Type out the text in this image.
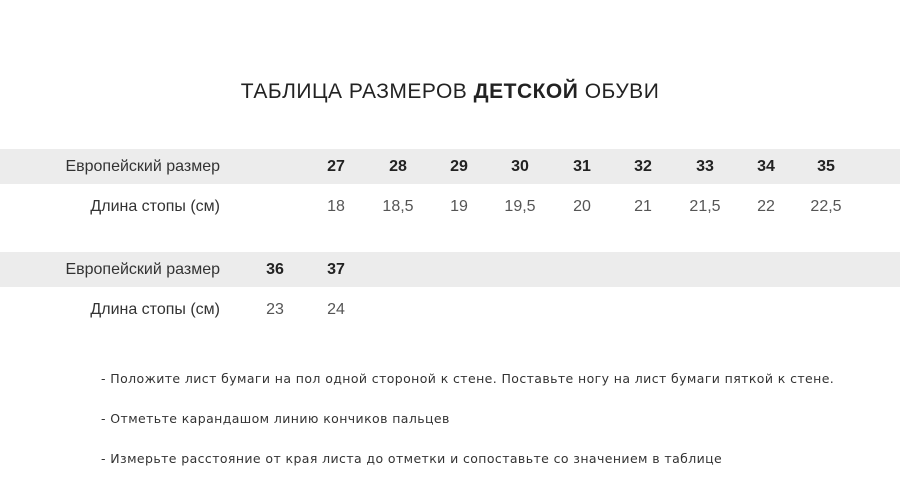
ТАБЛИЦА РАЗМЕРОВ ДЕТСКОЙ ОБУВИ
Европейский размер	27	28	29	30	31	32	33	34	35
Длина стопы (см)	18	18,5	19	19,5	20	21	21,5	22	22,5
Европейский размер	36	37
Длина стопы (см)	23	24
- Положите лист бумаги на пол одной стороной к стене. Поставьте ногу на лист бумаги пяткой к стене.
- Отметьте карандашом линию кончиков пальцев
- Измерьте расстояние от края листа до отметки и сопоставьте со значением в таблице
